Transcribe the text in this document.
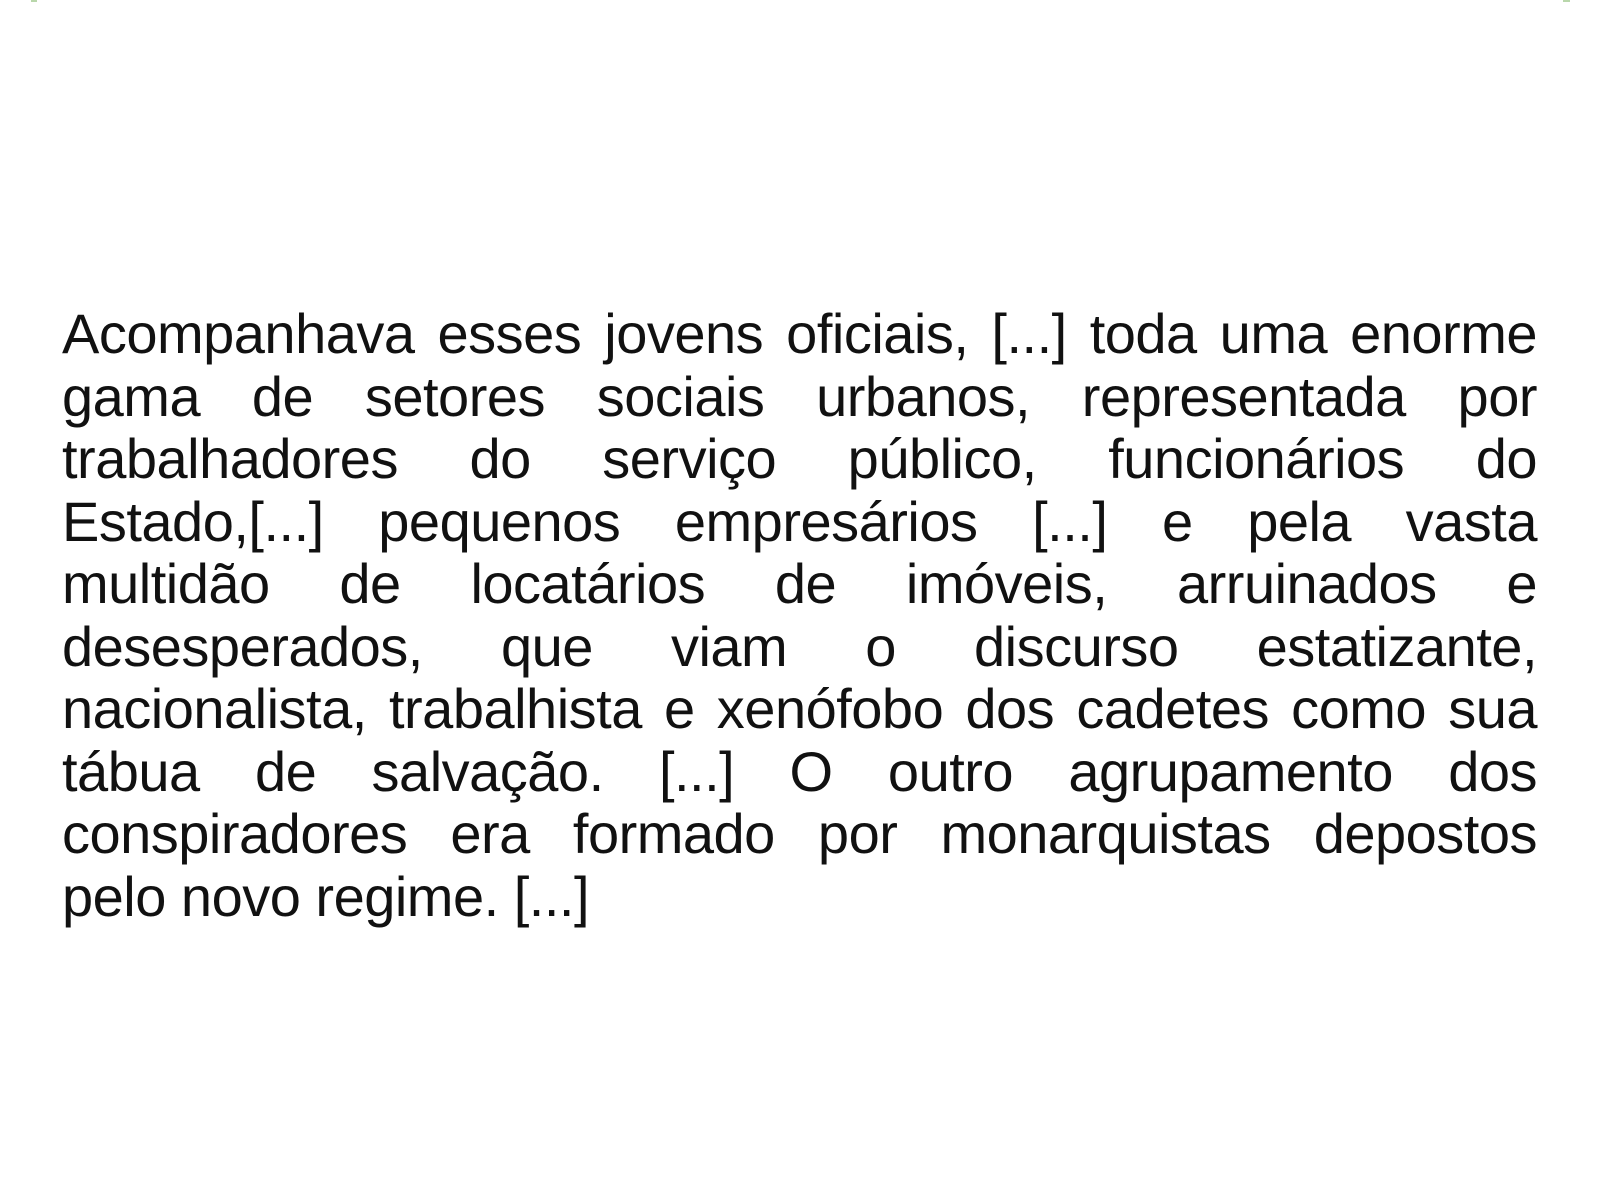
Acompanhava esses jovens oficiais, [...] toda uma enorme
gama de setores sociais urbanos, representada por
trabalhadores do serviço público, funcionários do
Estado,[...] pequenos empresários [...] e pela vasta
multidão de locatários de imóveis, arruinados e
desesperados, que viam o discurso estatizante,
nacionalista, trabalhista e xenófobo dos cadetes como sua
tábua de salvação. [...] O outro agrupamento dos
conspiradores era formado por monarquistas depostos
pelo novo regime. [...]
